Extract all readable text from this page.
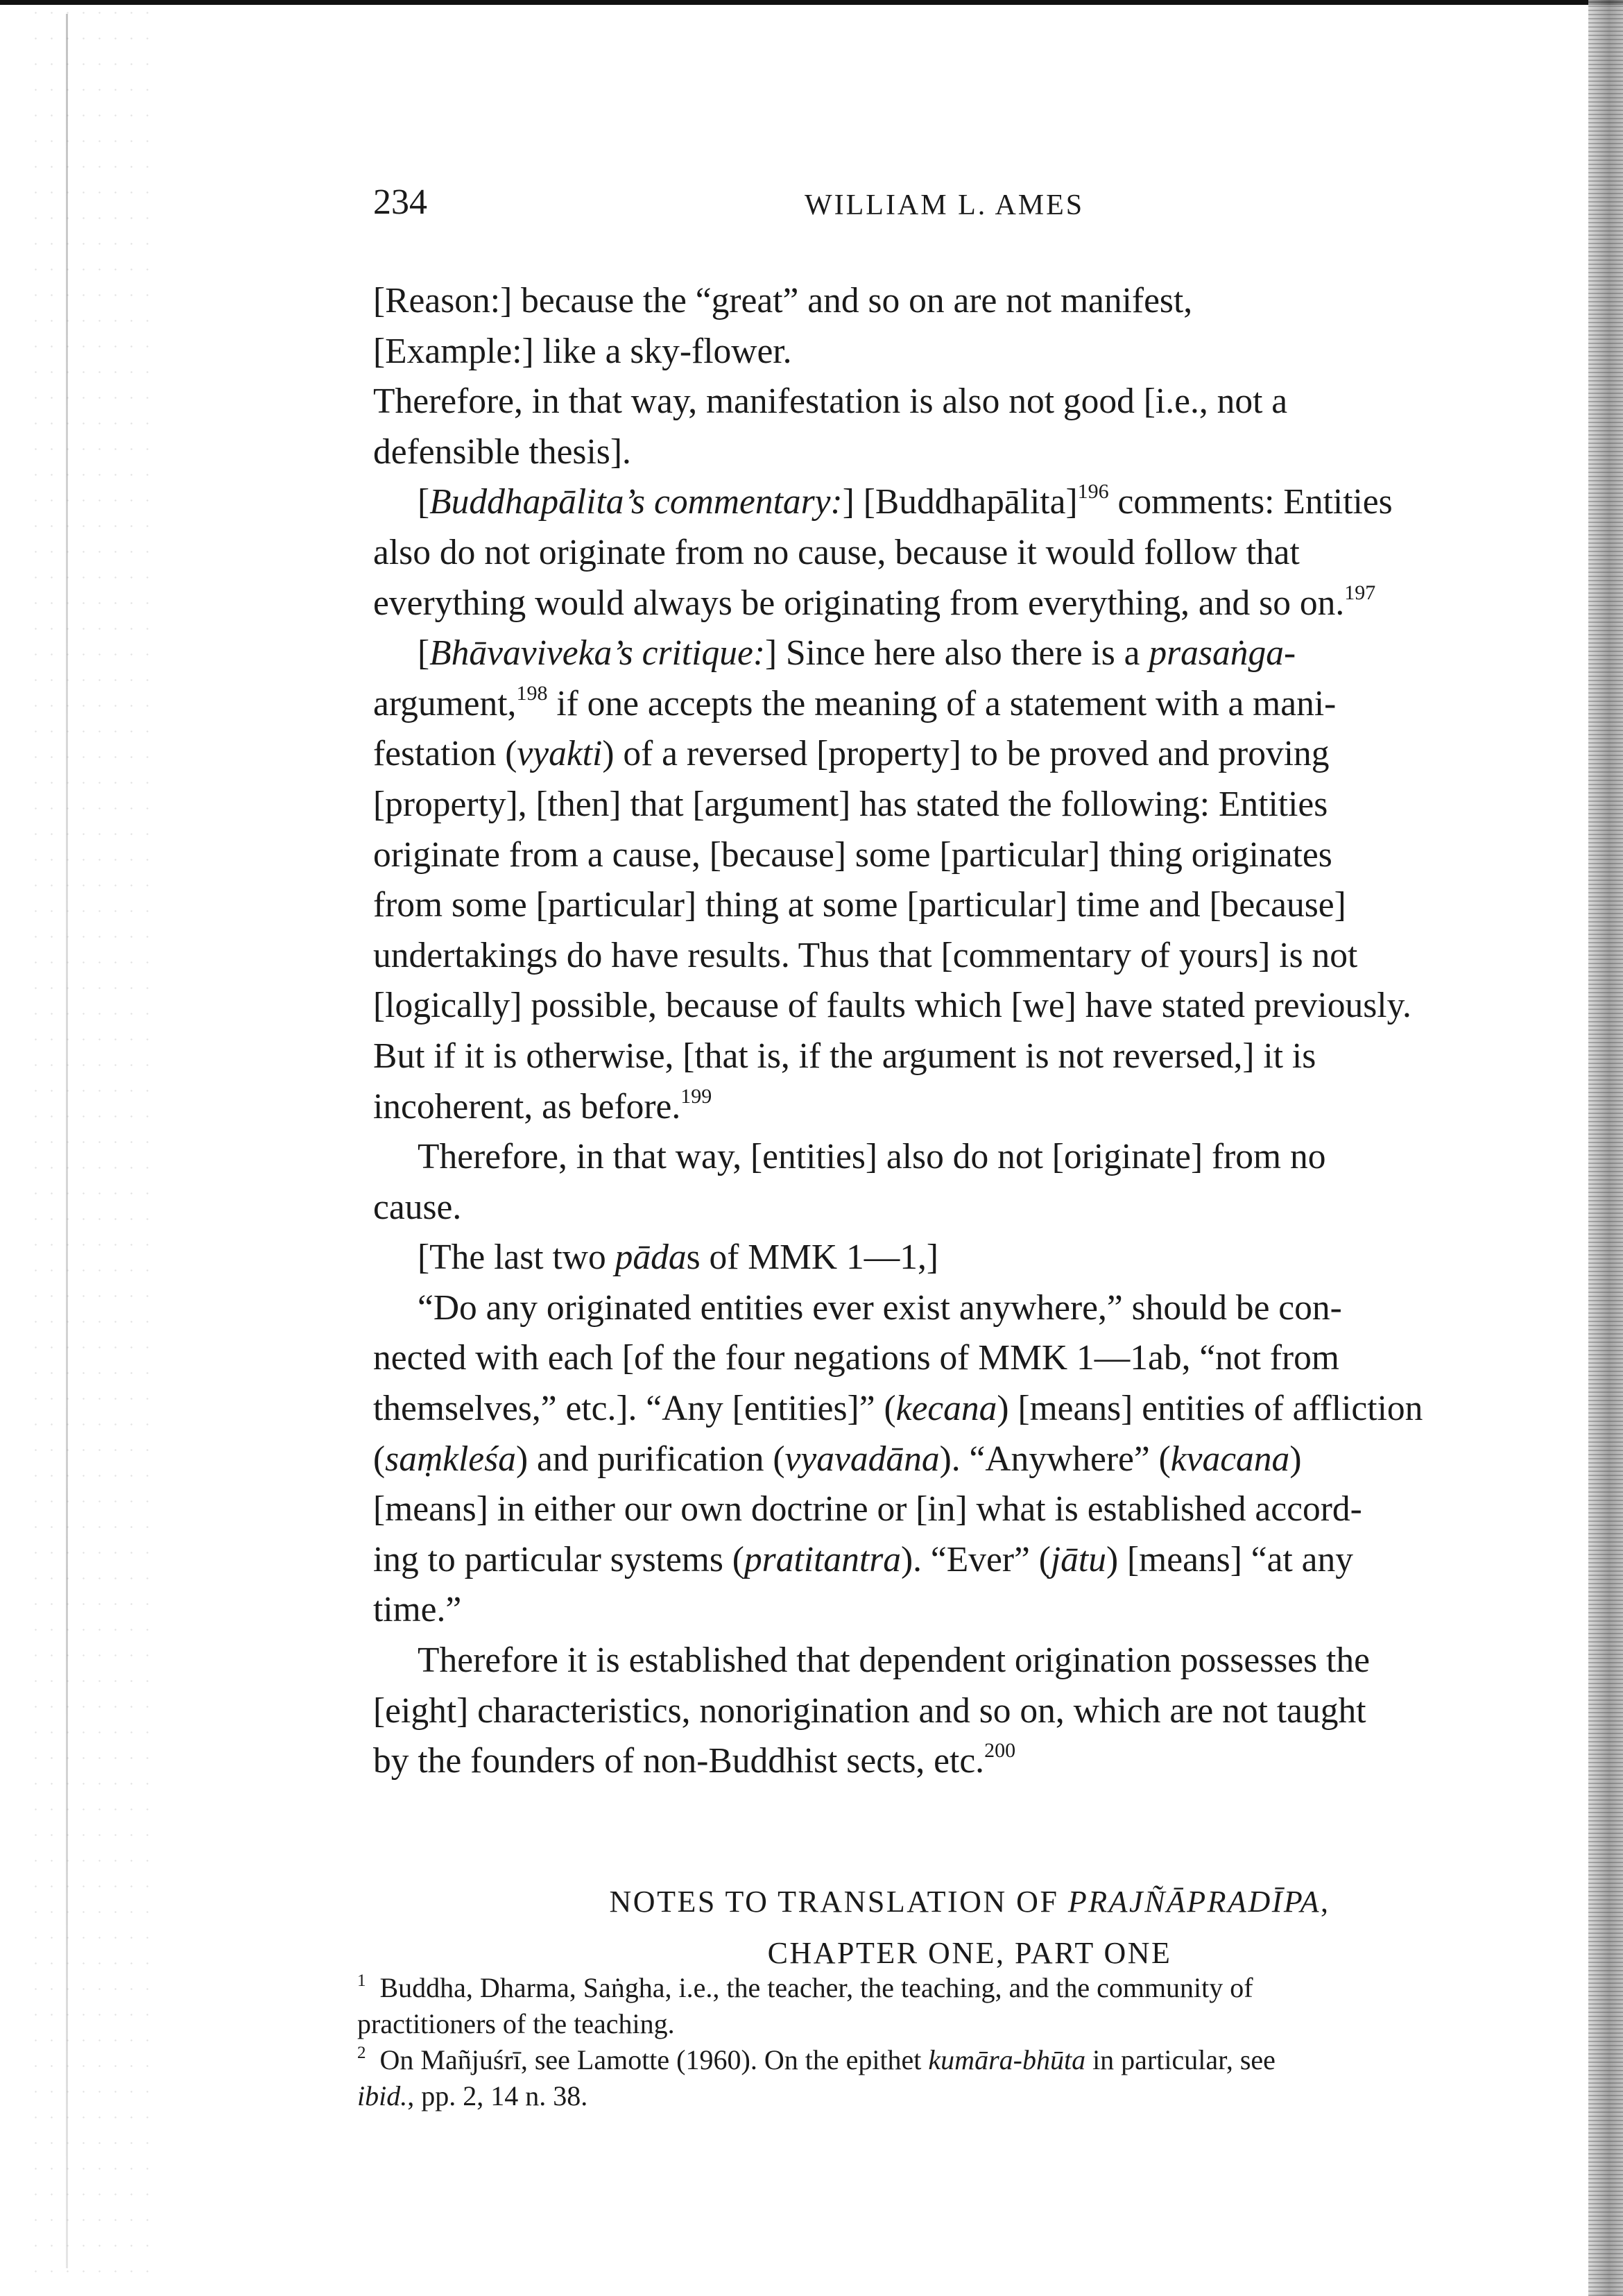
234	WILLIAM L. AMES
[Reason:] because the “great” and so on are not manifest,
[Example:] like a sky-flower.
Therefore, in that way, manifestation is also not good [i.e., not a
defensible thesis].
[Buddhapālita’s commentary:] [Buddhapālita]$^{196}$ comments: Entities
also do not originate from no cause, because it would follow that
everything would always be originating from everything, and so on.$^{197}$
[Bhāvaviveka’s critique:] Since here also there is a prasaṅga-
argument,$^{198}$ if one accepts the meaning of a statement with a mani-
festation (vyakti) of a reversed [property] to be proved and proving
[property], [then] that [argument] has stated the following: Entities
originate from a cause, [because] some [particular] thing originates
from some [particular] thing at some [particular] time and [because]
undertakings do have results. Thus that [commentary of yours] is not
[logically] possible, because of faults which [we] have stated previously.
But if it is otherwise, [that is, if the argument is not reversed,] it is
incoherent, as before.$^{199}$
Therefore, in that way, [entities] also do not [originate] from no
cause.
[The last two pādas of MMK 1—1,]
“Do any originated entities ever exist anywhere,” should be con-
nected with each [of the four negations of MMK 1—1ab, “not from
themselves,” etc.]. “Any [entities]” (kecana) [means] entities of affliction
(saṃkleśa) and purification (vyavadāna). “Anywhere” (kvacana)
[means] in either our own doctrine or [in] what is established accord-
ing to particular systems (pratitantra). “Ever” (jātu) [means] “at any
time.”
Therefore it is established that dependent origination possesses the
[eight] characteristics, nonorigination and so on, which are not taught
by the founders of non-Buddhist sects, etc.$^{200}$
NOTES TO TRANSLATION OF PRAJÑĀPRADĪPA,
CHAPTER ONE, PART ONE
$^1$ Buddha, Dharma, Saṅgha, i.e., the teacher, the teaching, and the community of
practitioners of the teaching.
$^2$ On Mañjuśrī, see Lamotte (1960). On the epithet kumāra-bhūta in particular, see
ibid., pp. 2, 14 n. 38.
